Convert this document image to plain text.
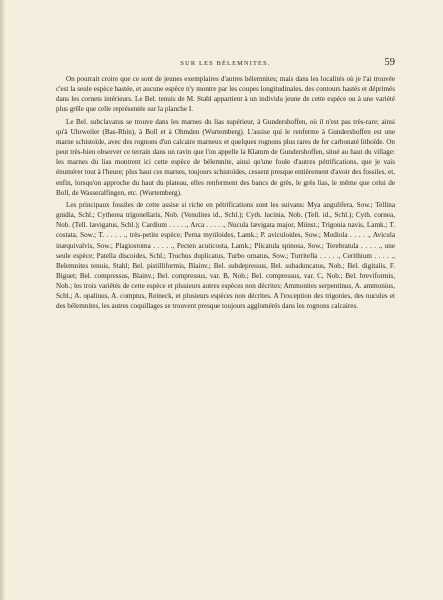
SUR LES BÉLEMNITES.	59

On pourrait croire que ce sont de jeunes exemplaires d'autres bélemnites; mais dans les localités où je l'ai trouvée c'est la seule espèce hastée, et aucune espèce n'y montre par les coupes longitudinales, des contours hastés et déprimés dans les cornets intérieurs. Le Bel. tenuis de M. Stahl appartient à un individu jeune de cette espèce ou à une variété plus grêle que celle représentée sur la planche I.

Le Bel. subclavatus se trouve dans les marnes du lias supérieur, à Gundershoffen, où il n'est pas très-rare; ainsi qu'à Uhrweiler (Bas-Rhin), à Boll et à Ohmden (Wurtemberg). L'assise qui le renferme à Gundershoffen est une marne schistoïde, avec des rognons d'un calcaire marneux et quelques rognons plus rares de fer carbonaté lithoïde. On peut très-bien observer ce terrain dans un ravin que l'on appelle la Klamm de Gundershoffen, situé au haut du village: les marnes du lias montrent ici cette espèce de bélemnite, ainsi qu'une foule d'autres pétrifications, que je vais énumérer tout à l'heure; plus haut ces marnes, toujours schistoïdes, cessent presque entièrement d'avoir des fossiles, et, enfin, lorsqu'on approche du haut du plateau, elles renferment des bancs de grès, le grès lias, le même que celui de Boll, de Wasseralfingen, etc. (Wurtemberg).

Les principaux fossiles de cette assise si riche en pétrifications sont les suivans: Mya angulifera, Sow.; Tellina gnidia, Schl.; Cytherea trigonellaris, Nob. (Venulites id., Schl.); Cyth. lucinia, Nob. (Tell. id., Schl.); Cyth. cornea, Nob. (Tell. lævigatus, Schl.); Cardium . . . . ., Arca . . . . ., Nucula lævigata major, Münst.; Trigonia navis, Lamk.; T. costata, Sow.; T. . . . . ., très-petite espèce; Perna mytiloides, Lamk.; P. aviculoides, Sow.; Modiola . . . . ., Avicula inæquivalvis, Sow.; Plagiostoma . . . . ., Pecten acuticosta, Lamk.; Plicatula spinosa, Sow.; Terebratula . . . . ., une seule espèce; Patella discoides, Schl.; Trochus duplicatus, Turbo ornatus, Sow.; Turritella . . . . ., Cerithium . . . . ., Belemnites tenuis, Stahl; Bel. pistilliformis, Blainv.; Bel. subdepressus, Bel. subaduncatus, Nob.; Bel. digitalis, F. Biguet; Bel. compressus, Blainv.; Bel. compressus, var. B, Nob.; Bel. compressus, var. C, Nob.; Bel. breviformis, Nob.; les trois variétés de cette espèce et plusieurs autres espèces non décrites; Ammonites serpentinus, A. ammonius, Schl.; A. opalinus, A. comptus, Reineck, et plusieurs espèces non décrites. A l'exception des trigonies, des nucules et des bélemnites, les autres coquillages se trouvent presque toujours agglomérés dans les rognons calcaires.
